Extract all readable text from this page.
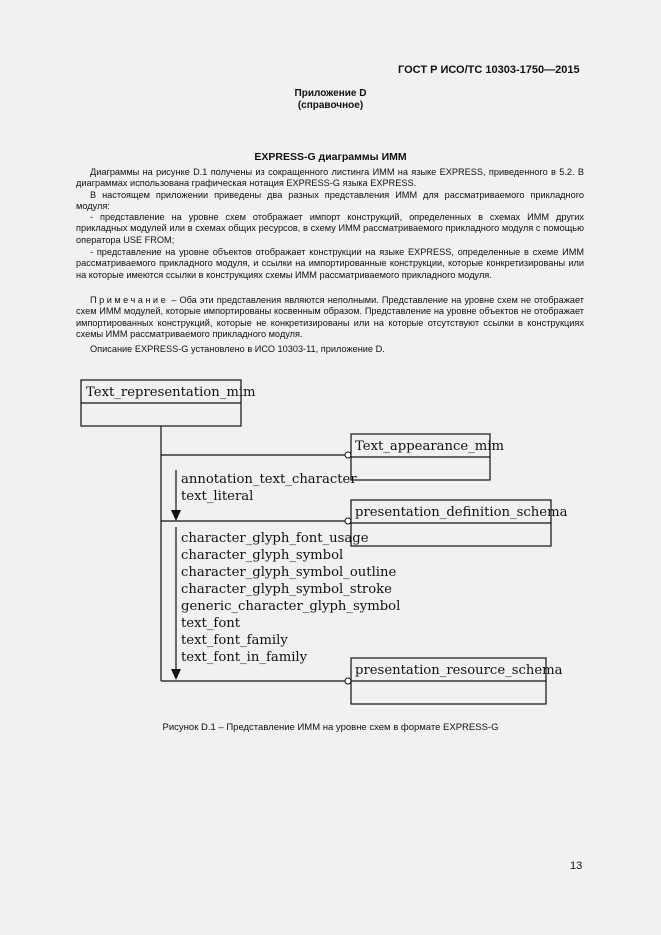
ГОСТ Р ИСО/ТС 10303-1750—2015
Приложение D
(справочное)
EXPRESS-G диаграммы ИММ
Диаграммы на рисунке D.1 получены из сокращенного листинга ИММ на языке EXPRESS, приведенного в 5.2. В диаграммах использована графическая нотация EXPRESS-G языка EXPRESS.
В настоящем приложении приведены два разных представления ИММ для рассматриваемого прикладного модуля:
- представление на уровне схем отображает импорт конструкций, определенных в схемах ИММ других прикладных модулей или в схемах общих ресурсов, в схему ИММ рассматриваемого прикладного модуля с помощью оператора USE FROM;
- представление на уровне объектов отображает конструкции на языке EXPRESS, определенные в схеме ИММ рассматриваемого прикладного модуля, и ссылки на импортированные конструкции, которые конкретизированы или на которые имеются ссылки в конструкциях схемы ИММ рассматриваемого прикладного модуля.
Примечание – Оба эти представления являются неполными. Представление на уровне схем не отображает схем ИММ модулей, которые импортированы косвенным образом. Представление на уровне объектов не отображает импортированных конструкций, которые не конкретизированы или на которые отсутствуют ссылки в конструкциях схемы ИММ рассматриваемого прикладного модуля.
Описание EXPRESS-G установлено в ИСО 10303-11, приложение D.
Text_representation_mim
Text_appearance_mim
annotation_text_character
text_literal
presentation_definition_schema
character_glyph_font_usage
character_glyph_symbol
character_glyph_symbol_outline
character_glyph_symbol_stroke
generic_character_glyph_symbol
text_font
text_font_family
text_font_in_family
presentation_resource_schema
Рисунок D.1 – Представление ИММ на уровне схем в формате EXPRESS-G
13
